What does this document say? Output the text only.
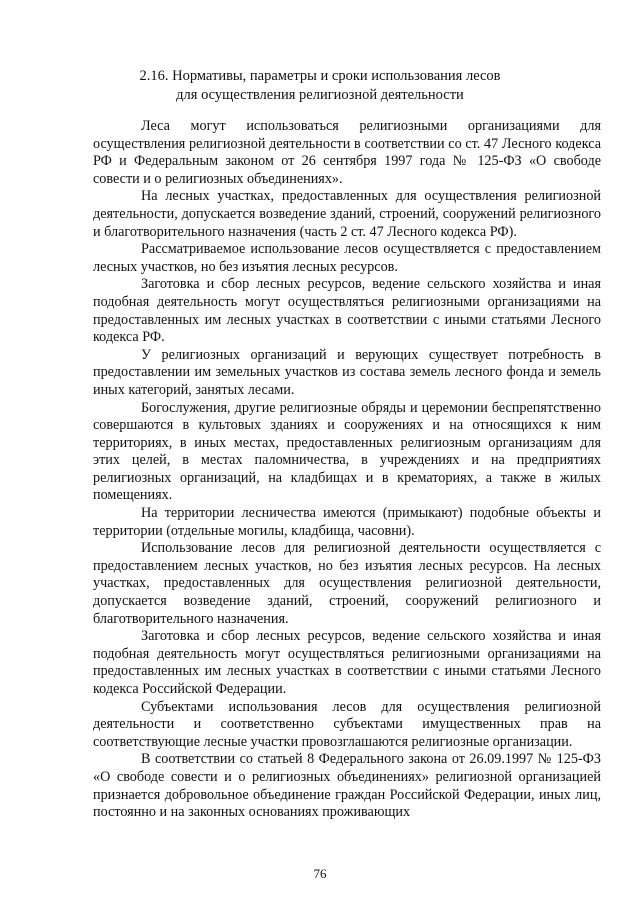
2.16. Нормативы, параметры и сроки использования лесов
для осуществления религиозной деятельности

Леса могут использоваться религиозными организациями для осуществления религиозной деятельности в соответствии со ст. 47 Лесного кодекса РФ и Федеральным законом от 26 сентября 1997 года № 125-ФЗ «О свободе совести и о религиозных объединениях».

На лесных участках, предоставленных для осуществления религиозной деятельности, допускается возведение зданий, строений, сооружений религиозного и благотворительного назначения (часть 2 ст. 47 Лесного кодекса РФ).

Рассматриваемое использование лесов осуществляется с предоставлением лесных участков, но без изъятия лесных ресурсов.

Заготовка и сбор лесных ресурсов, ведение сельского хозяйства и иная подобная деятельность могут осуществляться религиозными организациями на предоставленных им лесных участках в соответствии с иными статьями Лесного кодекса РФ.

У религиозных организаций и верующих существует потребность в предоставлении им земельных участков из состава земель лесного фонда и земель иных категорий, занятых лесами.

Богослужения, другие религиозные обряды и церемонии беспрепятственно совершаются в культовых зданиях и сооружениях и на относящихся к ним территориях, в иных местах, предоставленных религиозным организациям для этих целей, в местах паломничества, в учреждениях и на предприятиях религиозных организаций, на кладбищах и в крематориях, а также в жилых помещениях.

На территории лесничества имеются (примыкают) подобные объекты и территории (отдельные могилы, кладбища, часовни).

Использование лесов для религиозной деятельности осуществляется с предоставлением лесных участков, но без изъятия лесных ресурсов. На лесных участках, предоставленных для осуществления религиозной деятельности, допускается возведение зданий, строений, сооружений религиозного и благотворительного назначения.

Заготовка и сбор лесных ресурсов, ведение сельского хозяйства и иная подобная деятельность могут осуществляться религиозными организациями на предоставленных им лесных участках в соответствии с иными статьями Лесного кодекса Российской Федерации.

Субъектами использования лесов для осуществления религиозной деятельности и соответственно субъектами имущественных прав на соответствующие лесные участки провозглашаются религиозные организации.

В соответствии со статьей 8 Федерального закона от 26.09.1997 № 125-ФЗ «О свободе совести и о религиозных объединениях» религиозной организацией признается добровольное объединение граждан Российской Федерации, иных лиц, постоянно и на законных основаниях проживающих

76
